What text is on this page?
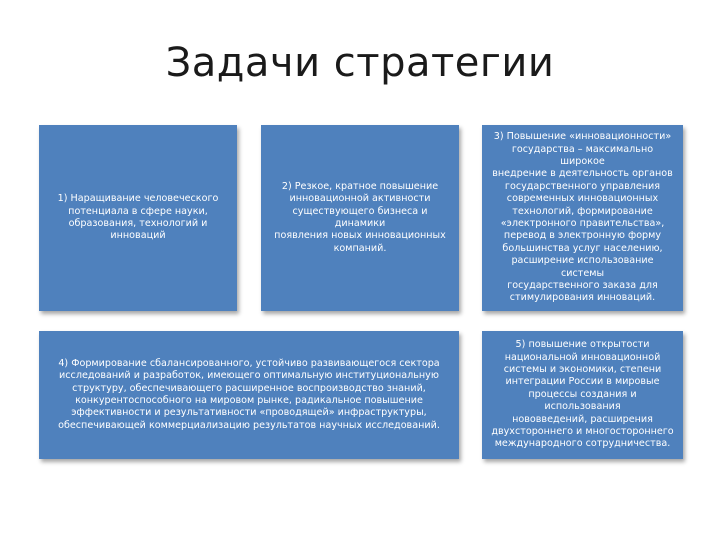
Задачи стратегии
1) Наращивание человеческого
потенциала в сфере науки,
образования, технологий и
инноваций
2) Резкое, кратное повышение
инновационной активности
существующего бизнеса и динамики
появления новых инновационных
компаний.
3) Повышение «инновационности»
государства – максимально широкое
внедрение в деятельность органов
государственного управления
современных инновационных
технологий, формирование
«электронного правительства»,
перевод в электронную форму
большинства услуг населению,
расширение использование системы
государственного заказа для
стимулирования инноваций.
4) Формирование сбалансированного, устойчиво развивающегося сектора
исследований и разработок, имеющего оптимальную институциональную
структуру, обеспечивающего расширенное воспроизводство знаний,
конкурентоспособного на мировом рынке, радикальное повышение
эффективности и результативности «проводящей» инфраструктуры,
обеспечивающей коммерциализацию результатов научных исследований.
5) повышение открытости
национальной инновационной
системы и экономики, степени
интеграции России в мировые
процессы создания и использования
нововведений, расширения
двухстороннего и многостороннего
международного сотрудничества.
